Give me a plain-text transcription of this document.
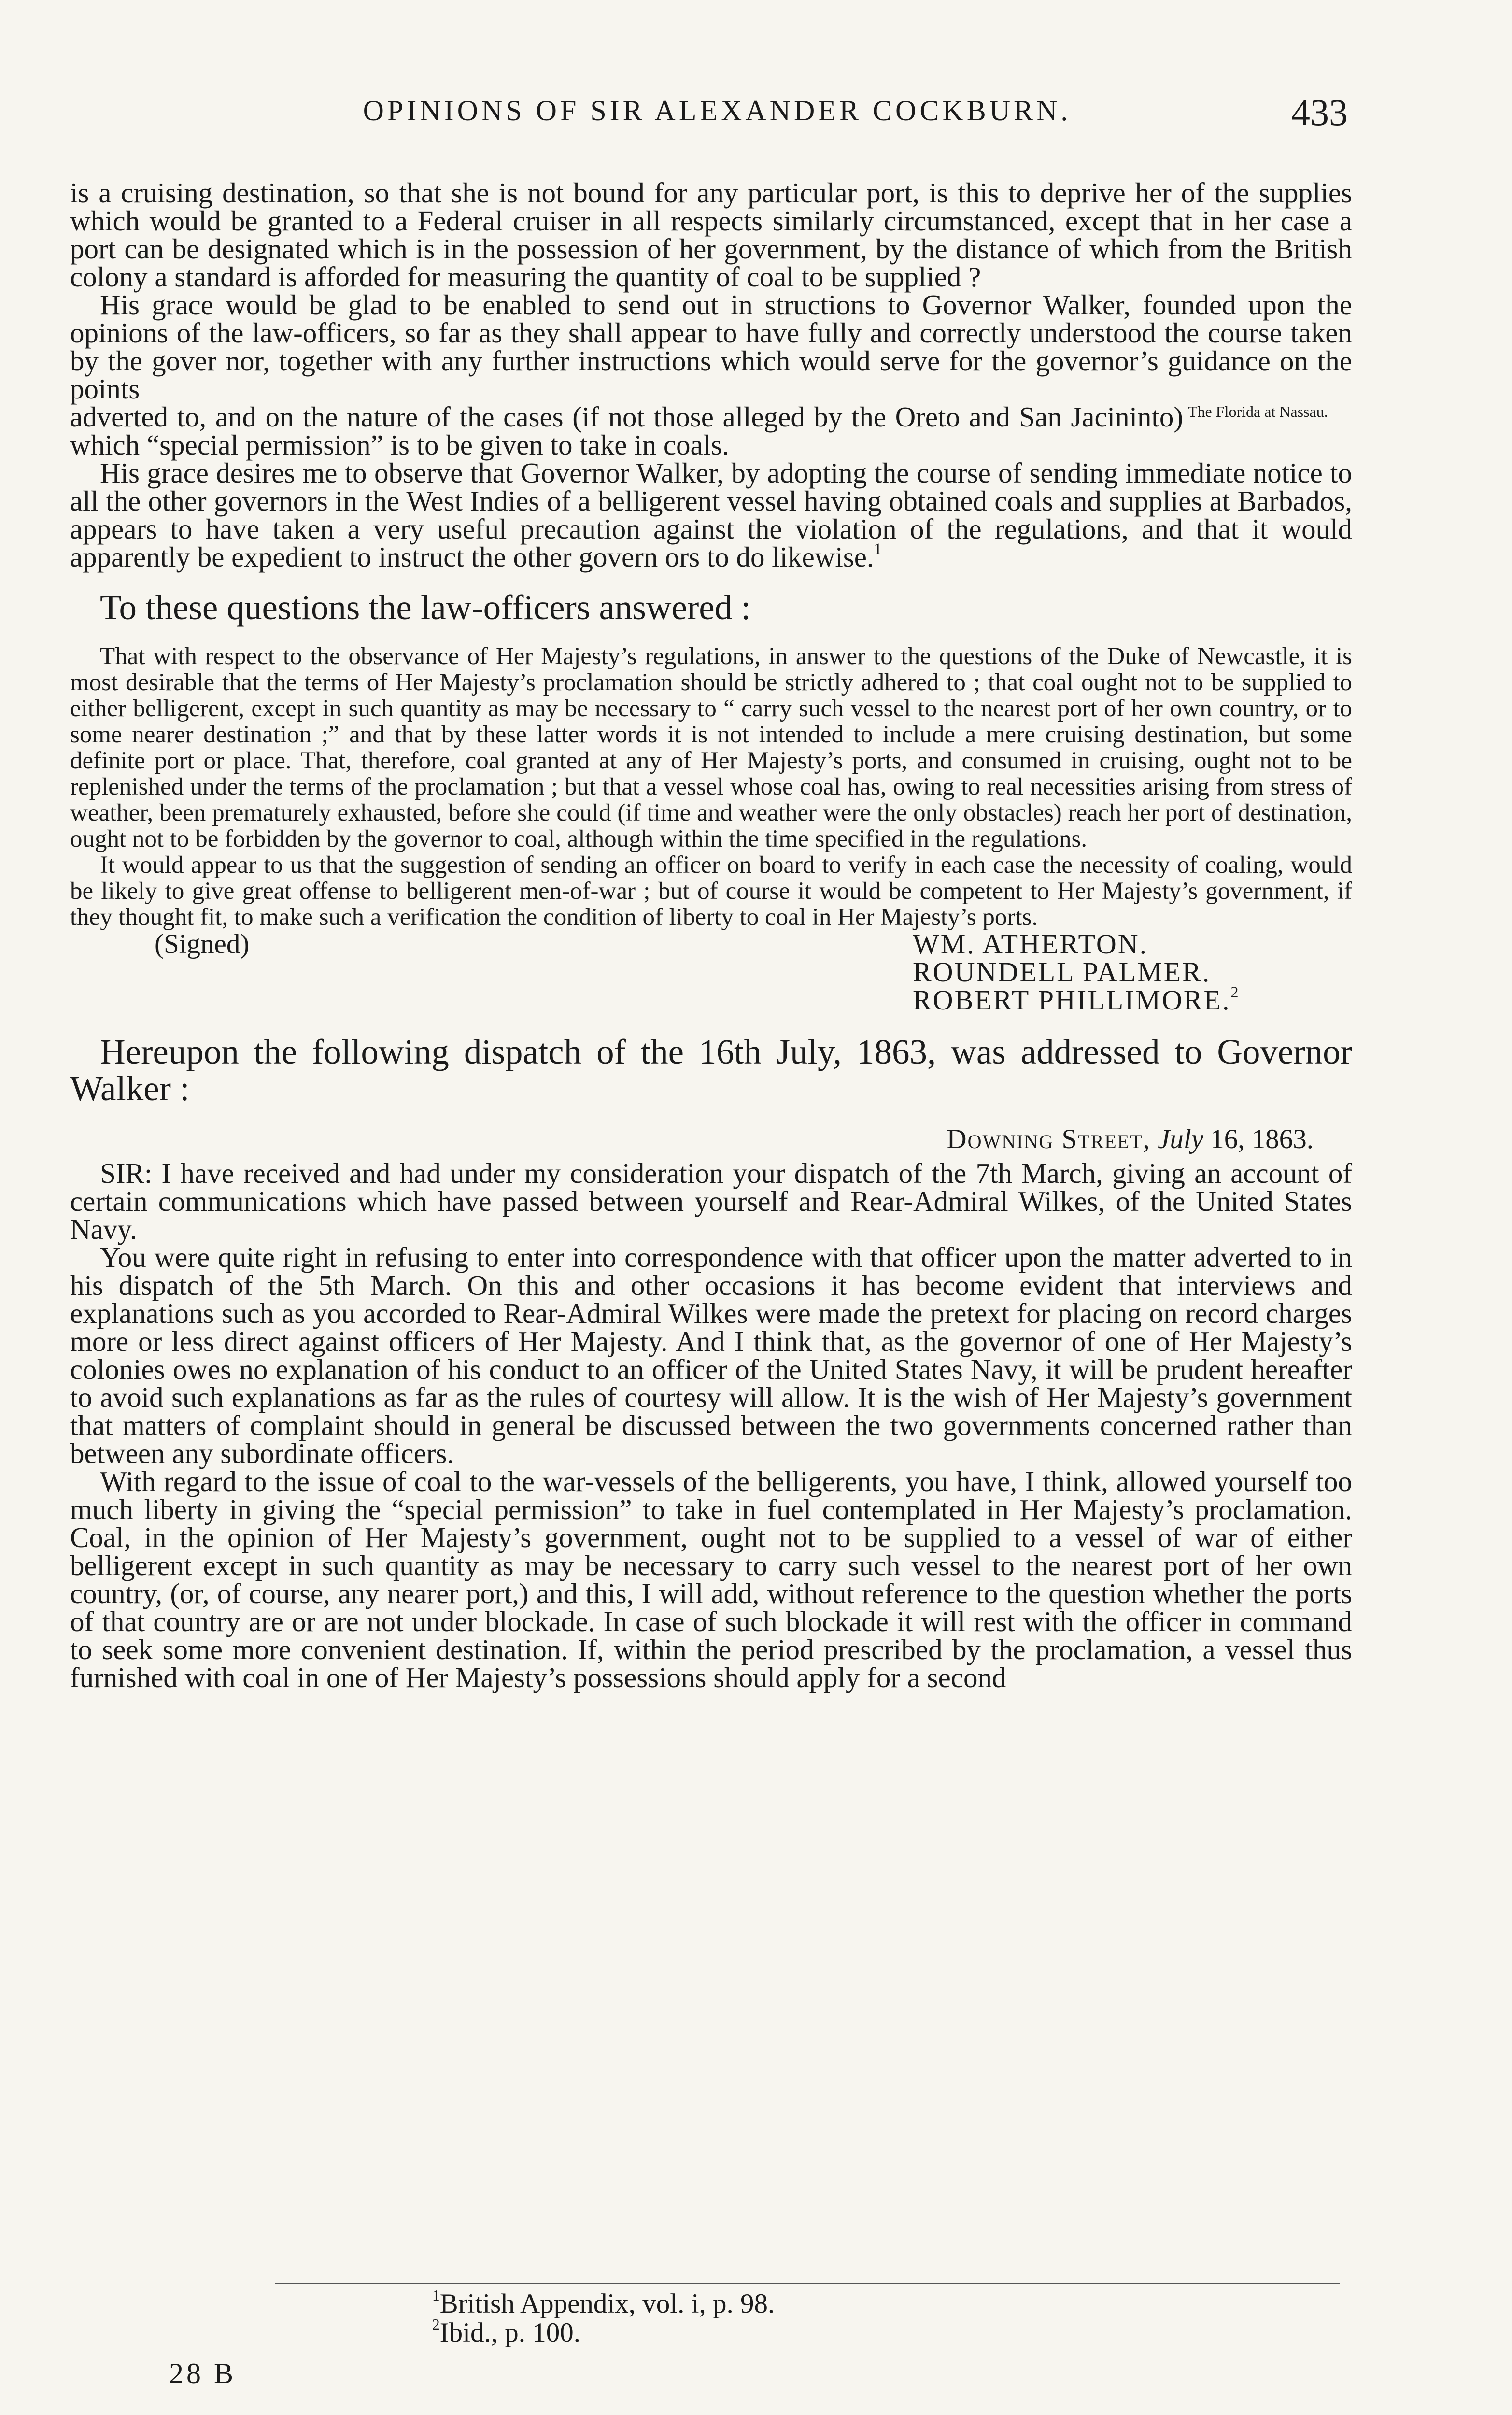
OPINIONS OF SIR ALEXANDER COCKBURN.	433

is a cruising destination, so that she is not bound for any particular port, is this to deprive her of the supplies which would be granted to a Federal cruiser in all respects similarly circumstanced, except that in her case a port can be designated which is in the possession of her government, by the distance of which from the British colony a standard is afforded for measuring the quantity of coal to be supplied ?

His grace would be glad to be enabled to send out in structions to Governor Walker, founded upon the opinions of the law-officers, so far as they shall appear to have fully and correctly understood the course taken by the gover nor, together with any further instructions which would serve for the governor’s guidance on the points

adverted to, and on the nature of the cases (if not those alleged by the Oreto and San Jacininto) which “special permission” is to be given to take in coals.

The Florida at Nassau.

His grace desires me to observe that Governor Walker, by adopting the course of sending immediate notice to all the other governors in the West Indies of a belligerent vessel having obtained coals and supplies at Barbados, appears to have taken a very useful precaution against the violation of the regulations, and that it would apparently be expedient to instruct the other govern ors to do likewise.$^1$

To these questions the law-officers answered :

That with respect to the observance of Her Majesty’s regulations, in answer to the questions of the Duke of Newcastle, it is most desirable that the terms of Her Majesty’s proclamation should be strictly adhered to ; that coal ought not to be supplied to either belligerent, except in such quantity as may be necessary to “ carry such vessel to the nearest port of her own country, or to some nearer destination ;” and that by these latter words it is not intended to include a mere cruising destination, but some definite port or place. That, therefore, coal granted at any of Her Majesty’s ports, and consumed in cruising, ought not to be replenished under the terms of the proclamation ; but that a vessel whose coal has, owing to real necessities arising from stress of weather, been prematurely exhausted, before she could (if time and weather were the only obstacles) reach her port of destination, ought not to be forbidden by the governor to coal, although within the time specified in the regulations.

It would appear to us that the suggestion of sending an officer on board to verify in each case the necessity of coaling, would be likely to give great offense to belligerent men-of-war ; but of course it would be competent to Her Majesty’s government, if they thought fit, to make such a verification the condition of liberty to coal in Her Majesty’s ports.

(Signed)	WM. ATHERTON.
ROUNDELL PALMER.
ROBERT PHILLIMORE.$^2$

Hereupon the following dispatch of the 16th July, 1863, was addressed to Governor Walker :

Downing Street, July 16, 1863.

SIR: I have received and had under my consideration your dispatch of the 7th March, giving an account of certain communications which have passed between yourself and Rear-Admiral Wilkes, of the United States Navy.

You were quite right in refusing to enter into correspondence with that officer upon the matter adverted to in his dispatch of the 5th March. On this and other occasions it has become evident that interviews and explanations such as you accorded to Rear-Admiral Wilkes were made the pretext for placing on record charges more or less direct against officers of Her Majesty. And I think that, as the governor of one of Her Majesty’s colonies owes no explanation of his conduct to an officer of the United States Navy, it will be prudent hereafter to avoid such explanations as far as the rules of courtesy will allow. It is the wish of Her Majesty’s government that matters of complaint should in general be discussed between the two governments concerned rather than between any subordinate officers.

With regard to the issue of coal to the war-vessels of the belligerents, you have, I think, allowed yourself too much liberty in giving the “special permission” to take in fuel contemplated in Her Majesty’s proclamation. Coal, in the opinion of Her Majesty’s government, ought not to be supplied to a vessel of war of either belligerent except in such quantity as may be necessary to carry such vessel to the nearest port of her own country, (or, of course, any nearer port,) and this, I will add, without reference to the question whether the ports of that country are or are not under blockade. In case of such blockade it will rest with the officer in command to seek some more convenient destination. If, within the period prescribed by the proclamation, a vessel thus furnished with coal in one of Her Majesty’s possessions should apply for a second

$^1$British Appendix, vol. i, p. 98.
$^2$Ibid., p. 100.
28 B
